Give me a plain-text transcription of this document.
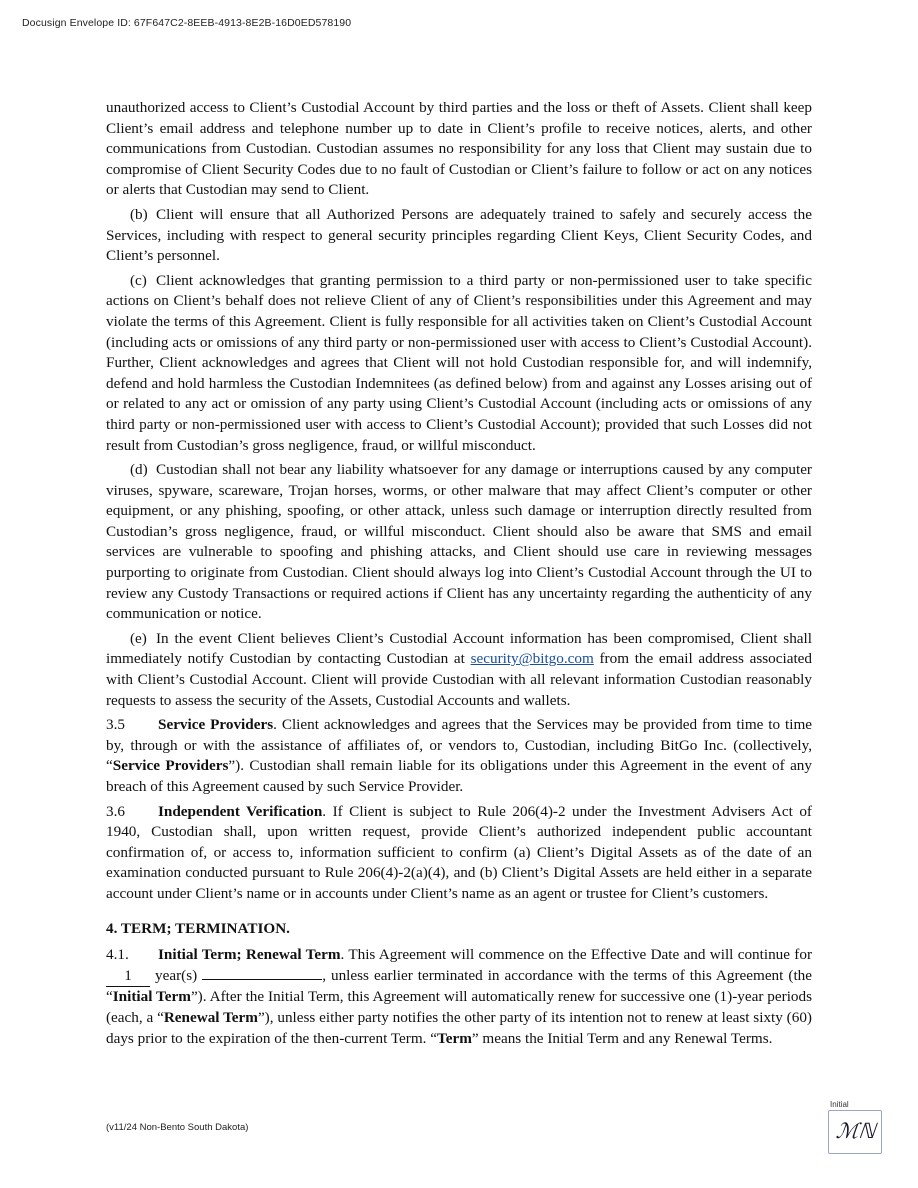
Docusign Envelope ID: 67F647C2-8EEB-4913-8E2B-16D0ED578190

unauthorized access to Client’s Custodial Account by third parties and the loss or theft of Assets. Client shall keep Client’s email address and telephone number up to date in Client’s profile to receive notices, alerts, and other communications from Custodian. Custodian assumes no responsibility for any loss that Client may sustain due to compromise of Client Security Codes due to no fault of Custodian or Client’s failure to follow or act on any notices or alerts that Custodian may send to Client.

(b) Client will ensure that all Authorized Persons are adequately trained to safely and securely access the Services, including with respect to general security principles regarding Client Keys, Client Security Codes, and Client’s personnel.

(c) Client acknowledges that granting permission to a third party or non-permissioned user to take specific actions on Client’s behalf does not relieve Client of any of Client’s responsibilities under this Agreement and may violate the terms of this Agreement. Client is fully responsible for all activities taken on Client’s Custodial Account (including acts or omissions of any third party or non-permissioned user with access to Client’s Custodial Account). Further, Client acknowledges and agrees that Client will not hold Custodian responsible for, and will indemnify, defend and hold harmless the Custodian Indemnitees (as defined below) from and against any Losses arising out of or related to any act or omission of any party using Client’s Custodial Account (including acts or omissions of any third party or non-permissioned user with access to Client’s Custodial Account); provided that such Losses did not result from Custodian’s gross negligence, fraud, or willful misconduct.

(d) Custodian shall not bear any liability whatsoever for any damage or interruptions caused by any computer viruses, spyware, scareware, Trojan horses, worms, or other malware that may affect Client’s computer or other equipment, or any phishing, spoofing, or other attack, unless such damage or interruption directly resulted from Custodian’s gross negligence, fraud, or willful misconduct. Client should also be aware that SMS and email services are vulnerable to spoofing and phishing attacks, and Client should use care in reviewing messages purporting to originate from Custodian. Client should always log into Client’s Custodial Account through the UI to review any Custody Transactions or required actions if Client has any uncertainty regarding the authenticity of any communication or notice.

(e) In the event Client believes Client’s Custodial Account information has been compromised, Client shall immediately notify Custodian by contacting Custodian at security@bitgo.com from the email address associated with Client’s Custodial Account. Client will provide Custodian with all relevant information Custodian reasonably requests to assess the security of the Assets, Custodial Accounts and wallets.

3.5 Service Providers. Client acknowledges and agrees that the Services may be provided from time to time by, through or with the assistance of affiliates of, or vendors to, Custodian, including BitGo Inc. (collectively, “Service Providers”). Custodian shall remain liable for its obligations under this Agreement in the event of any breach of this Agreement caused by such Service Provider.

3.6 Independent Verification. If Client is subject to Rule 206(4)-2 under the Investment Advisers Act of 1940, Custodian shall, upon written request, provide Client’s authorized independent public accountant confirmation of, or access to, information sufficient to confirm (a) Client’s Digital Assets as of the date of an examination conducted pursuant to Rule 206(4)-2(a)(4), and (b) Client’s Digital Assets are held either in a separate account under Client’s name or in accounts under Client’s name as an agent or trustee for Client’s customers.

4. TERM; TERMINATION.

4.1. Initial Term; Renewal Term. This Agreement will commence on the Effective Date and will continue for 1 year(s)	, unless earlier terminated in accordance with the terms of this Agreement (the “Initial Term”). After the Initial Term, this Agreement will automatically renew for successive one (1)-year periods (each, a “Renewal Term”), unless either party notifies the other party of its intention not to renew at least sixty (60) days prior to the expiration of the then-current Term. “Term” means the Initial Term and any Renewal Terms.

(v11/24 Non-Bento South Dakota)
Initial
ℳℕ
